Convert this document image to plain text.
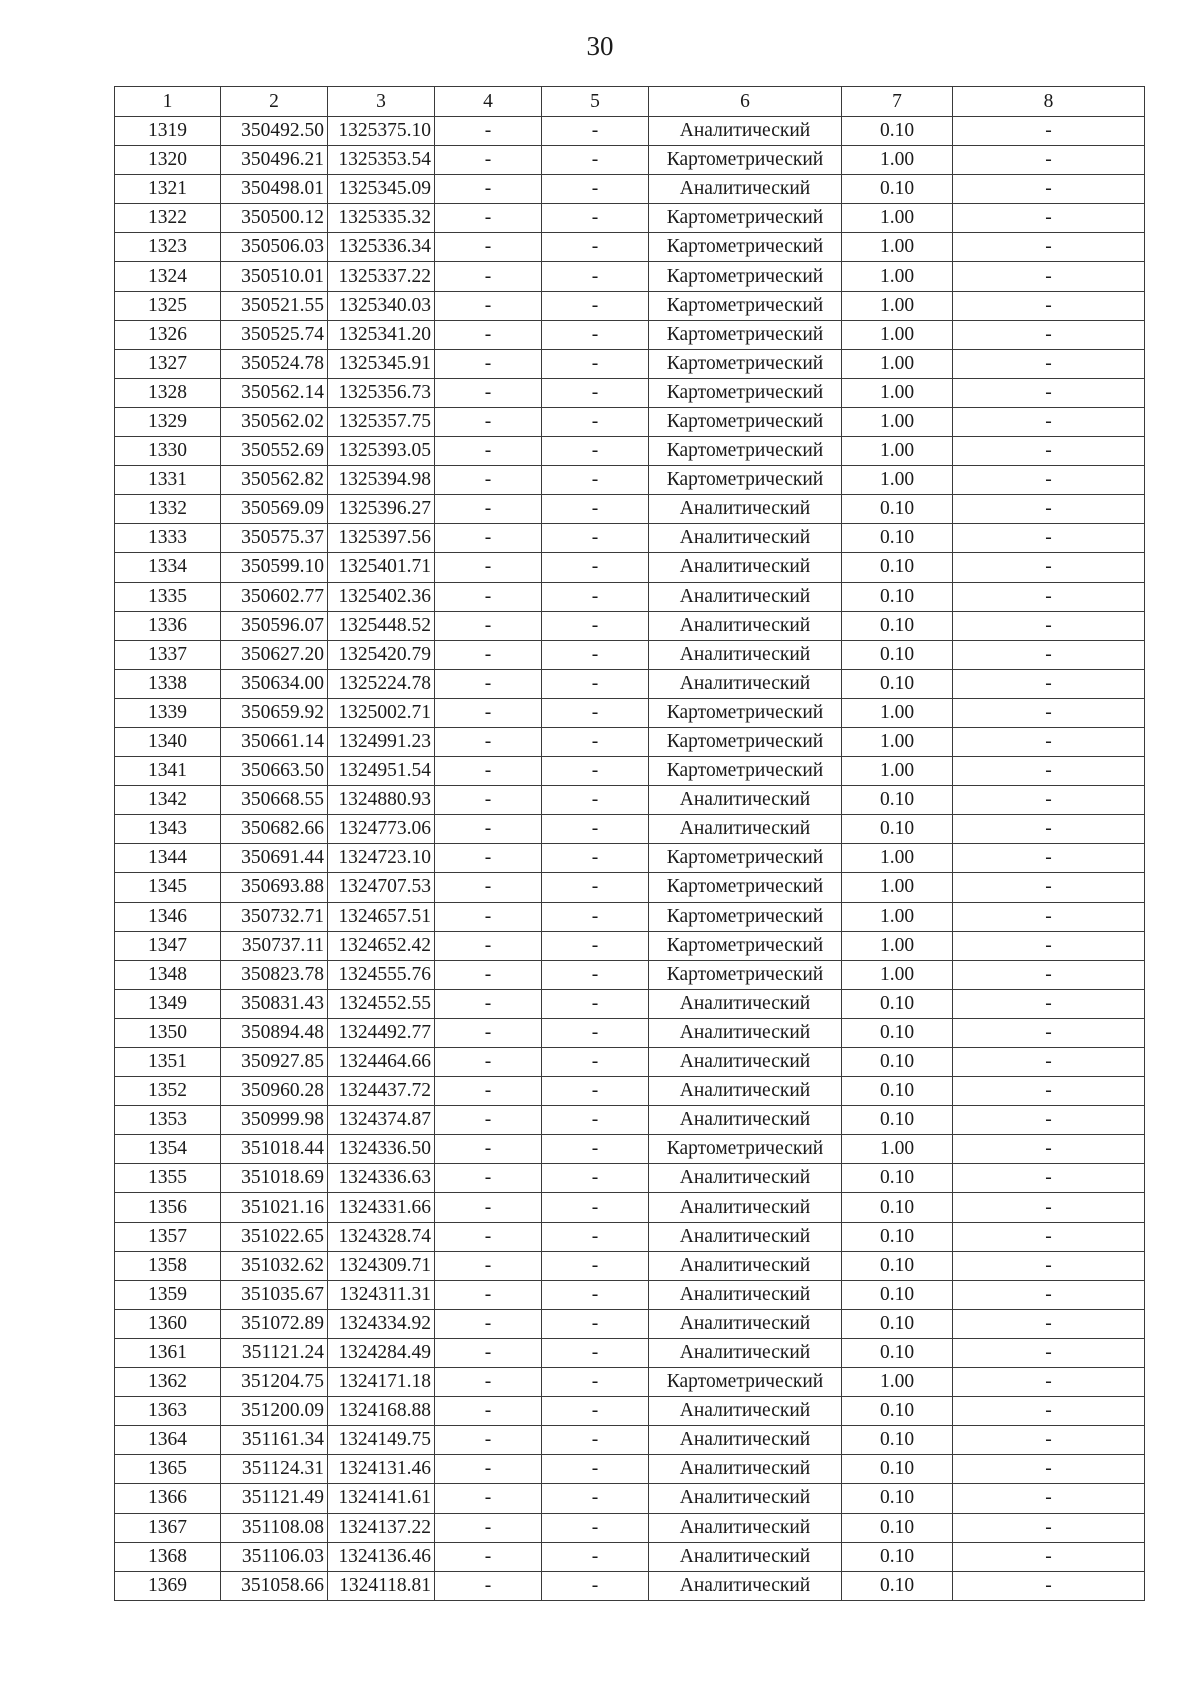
30
1	2	3	4	5	6	7	8
1319	350492.50	1325375.10	-	-	Аналитический	0.10	-
1320	350496.21	1325353.54	-	-	Картометрический	1.00	-
1321	350498.01	1325345.09	-	-	Аналитический	0.10	-
1322	350500.12	1325335.32	-	-	Картометрический	1.00	-
1323	350506.03	1325336.34	-	-	Картометрический	1.00	-
1324	350510.01	1325337.22	-	-	Картометрический	1.00	-
1325	350521.55	1325340.03	-	-	Картометрический	1.00	-
1326	350525.74	1325341.20	-	-	Картометрический	1.00	-
1327	350524.78	1325345.91	-	-	Картометрический	1.00	-
1328	350562.14	1325356.73	-	-	Картометрический	1.00	-
1329	350562.02	1325357.75	-	-	Картометрический	1.00	-
1330	350552.69	1325393.05	-	-	Картометрический	1.00	-
1331	350562.82	1325394.98	-	-	Картометрический	1.00	-
1332	350569.09	1325396.27	-	-	Аналитический	0.10	-
1333	350575.37	1325397.56	-	-	Аналитический	0.10	-
1334	350599.10	1325401.71	-	-	Аналитический	0.10	-
1335	350602.77	1325402.36	-	-	Аналитический	0.10	-
1336	350596.07	1325448.52	-	-	Аналитический	0.10	-
1337	350627.20	1325420.79	-	-	Аналитический	0.10	-
1338	350634.00	1325224.78	-	-	Аналитический	0.10	-
1339	350659.92	1325002.71	-	-	Картометрический	1.00	-
1340	350661.14	1324991.23	-	-	Картометрический	1.00	-
1341	350663.50	1324951.54	-	-	Картометрический	1.00	-
1342	350668.55	1324880.93	-	-	Аналитический	0.10	-
1343	350682.66	1324773.06	-	-	Аналитический	0.10	-
1344	350691.44	1324723.10	-	-	Картометрический	1.00	-
1345	350693.88	1324707.53	-	-	Картометрический	1.00	-
1346	350732.71	1324657.51	-	-	Картометрический	1.00	-
1347	350737.11	1324652.42	-	-	Картометрический	1.00	-
1348	350823.78	1324555.76	-	-	Картометрический	1.00	-
1349	350831.43	1324552.55	-	-	Аналитический	0.10	-
1350	350894.48	1324492.77	-	-	Аналитический	0.10	-
1351	350927.85	1324464.66	-	-	Аналитический	0.10	-
1352	350960.28	1324437.72	-	-	Аналитический	0.10	-
1353	350999.98	1324374.87	-	-	Аналитический	0.10	-
1354	351018.44	1324336.50	-	-	Картометрический	1.00	-
1355	351018.69	1324336.63	-	-	Аналитический	0.10	-
1356	351021.16	1324331.66	-	-	Аналитический	0.10	-
1357	351022.65	1324328.74	-	-	Аналитический	0.10	-
1358	351032.62	1324309.71	-	-	Аналитический	0.10	-
1359	351035.67	1324311.31	-	-	Аналитический	0.10	-
1360	351072.89	1324334.92	-	-	Аналитический	0.10	-
1361	351121.24	1324284.49	-	-	Аналитический	0.10	-
1362	351204.75	1324171.18	-	-	Картометрический	1.00	-
1363	351200.09	1324168.88	-	-	Аналитический	0.10	-
1364	351161.34	1324149.75	-	-	Аналитический	0.10	-
1365	351124.31	1324131.46	-	-	Аналитический	0.10	-
1366	351121.49	1324141.61	-	-	Аналитический	0.10	-
1367	351108.08	1324137.22	-	-	Аналитический	0.10	-
1368	351106.03	1324136.46	-	-	Аналитический	0.10	-
1369	351058.66	1324118.81	-	-	Аналитический	0.10	-
